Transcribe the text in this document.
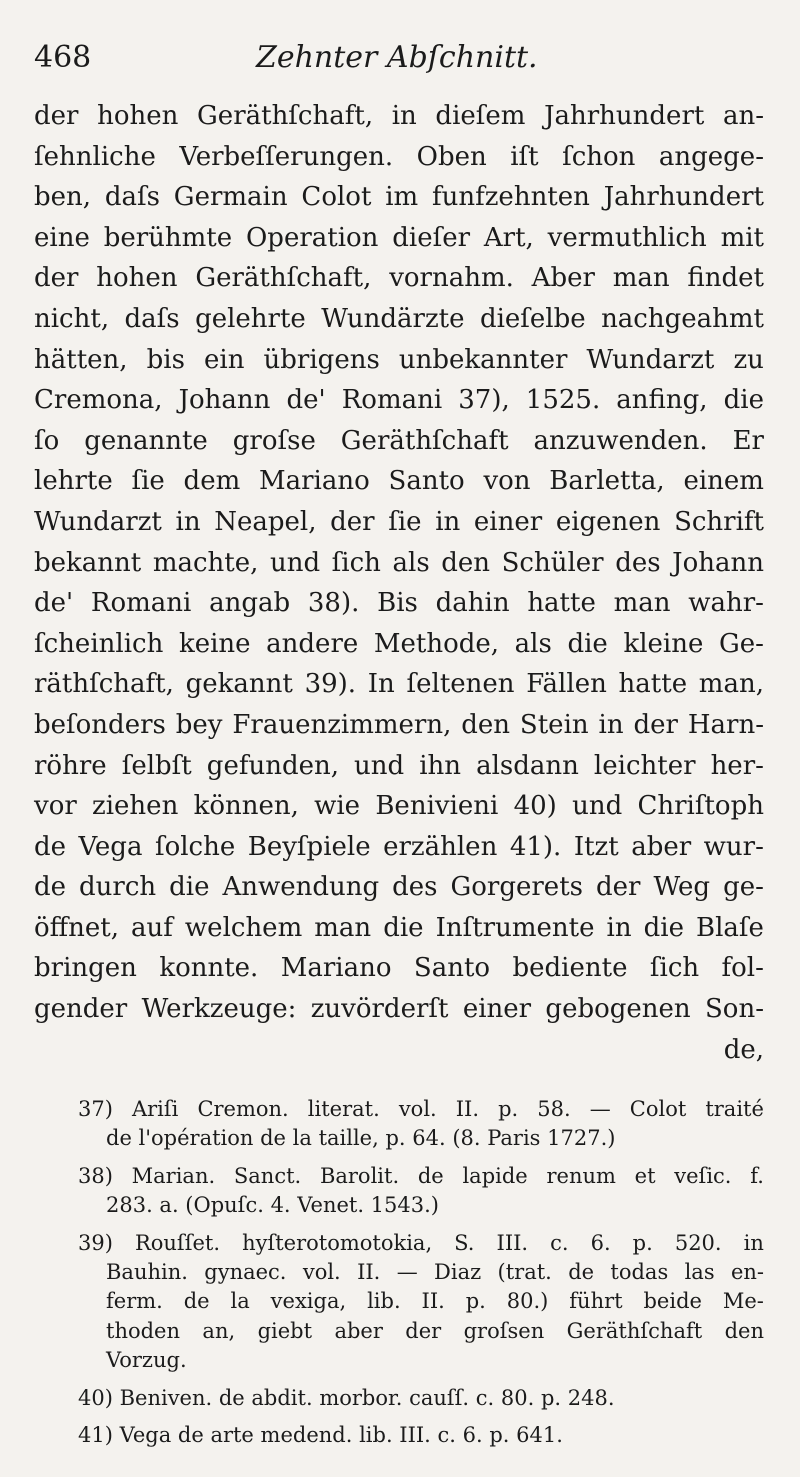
468	Zehnter Abſchnitt.
der hohen Geräthſchaft, in dieſem Jahrhundert an-
ſehnliche Verbeſſerungen. Oben iſt ſchon angege-
ben, daſs Germain Colot im funfzehnten Jahrhundert
eine berühmte Operation dieſer Art, vermuthlich mit
der hohen Geräthſchaft, vornahm. Aber man findet
nicht, daſs gelehrte Wundärzte dieſelbe nachgeahmt
hätten, bis ein übrigens unbekannter Wundarzt zu
Cremona, Johann de' Romani 37), 1525. anfing, die
ſo genannte groſse Geräthſchaft anzuwenden. Er
lehrte ſie dem Mariano Santo von Barletta, einem
Wundarzt in Neapel, der ſie in einer eigenen Schrift
bekannt machte, und ſich als den Schüler des Johann
de' Romani angab 38). Bis dahin hatte man wahr-
ſcheinlich keine andere Methode, als die kleine Ge-
räthſchaft, gekannt 39). In ſeltenen Fällen hatte man,
beſonders bey Frauenzimmern, den Stein in der Harn-
röhre ſelbſt gefunden, und ihn alsdann leichter her-
vor ziehen können, wie Benivieni 40) und Chriſtoph
de Vega ſolche Beyſpiele erzählen 41). Itzt aber wur-
de durch die Anwendung des Gorgerets der Weg ge-
öffnet, auf welchem man die Inſtrumente in die Blaſe
bringen konnte. Mariano Santo bediente ſich fol-
gender Werkzeuge: zuvörderſt einer gebogenen Son-
de,
37) Ariſi Cremon. literat. vol. II. p. 58. — Colot traité
de l'opération de la taille, p. 64. (8. Paris 1727.)
38) Marian. Sanct. Barolit. de lapide renum et veſic. f.
283. a. (Opuſc. 4. Venet. 1543.)
39) Rouſſet. hyſterotomotokia, S. III. c. 6. p. 520. in
Bauhin. gynaec. vol. II. — Diaz (trat. de todas las en-
ferm. de la vexiga, lib. II. p. 80.) führt beide Me-
thoden an, giebt aber der groſsen Geräthſchaft den
Vorzug.
40) Beniven. de abdit. morbor. cauſſ. c. 80. p. 248.
41) Vega de arte medend. lib. III. c. 6. p. 641.
